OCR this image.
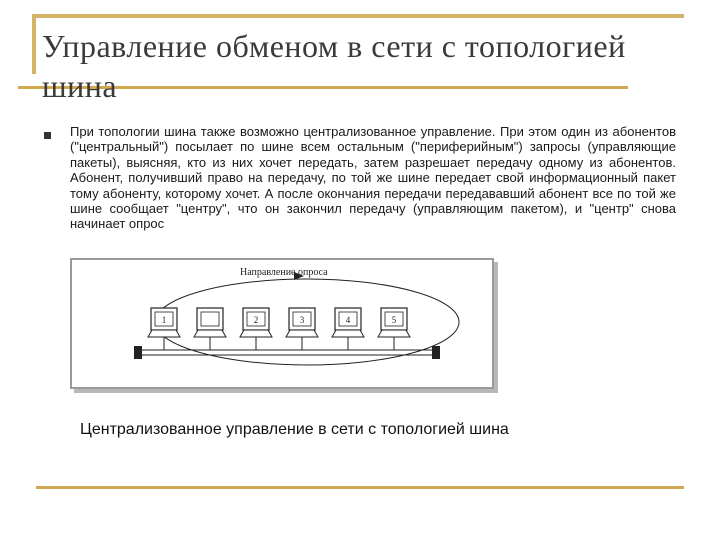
Управление обменом в сети с топологией шина
При топологии шина также возможно централизованное управление. При этом один из абонентов ("центральный") посылает по шине всем остальным ("периферийным") запросы (управляющие пакеты), выясняя, кто из них хочет передать, затем разрешает передачу одному из абонентов. Абонент, получивший право на передачу, по той же шине передает свой информационный пакет тому абоненту, которому хочет. А после окончания передачи передававший абонент все по той же шине сообщает "центру", что он закончил передачу (управляющим пакетом), и "центр" снова начинает опрос
Направление опроса
1	2	3	4	5
Централизованное управление в сети с топологией шина
